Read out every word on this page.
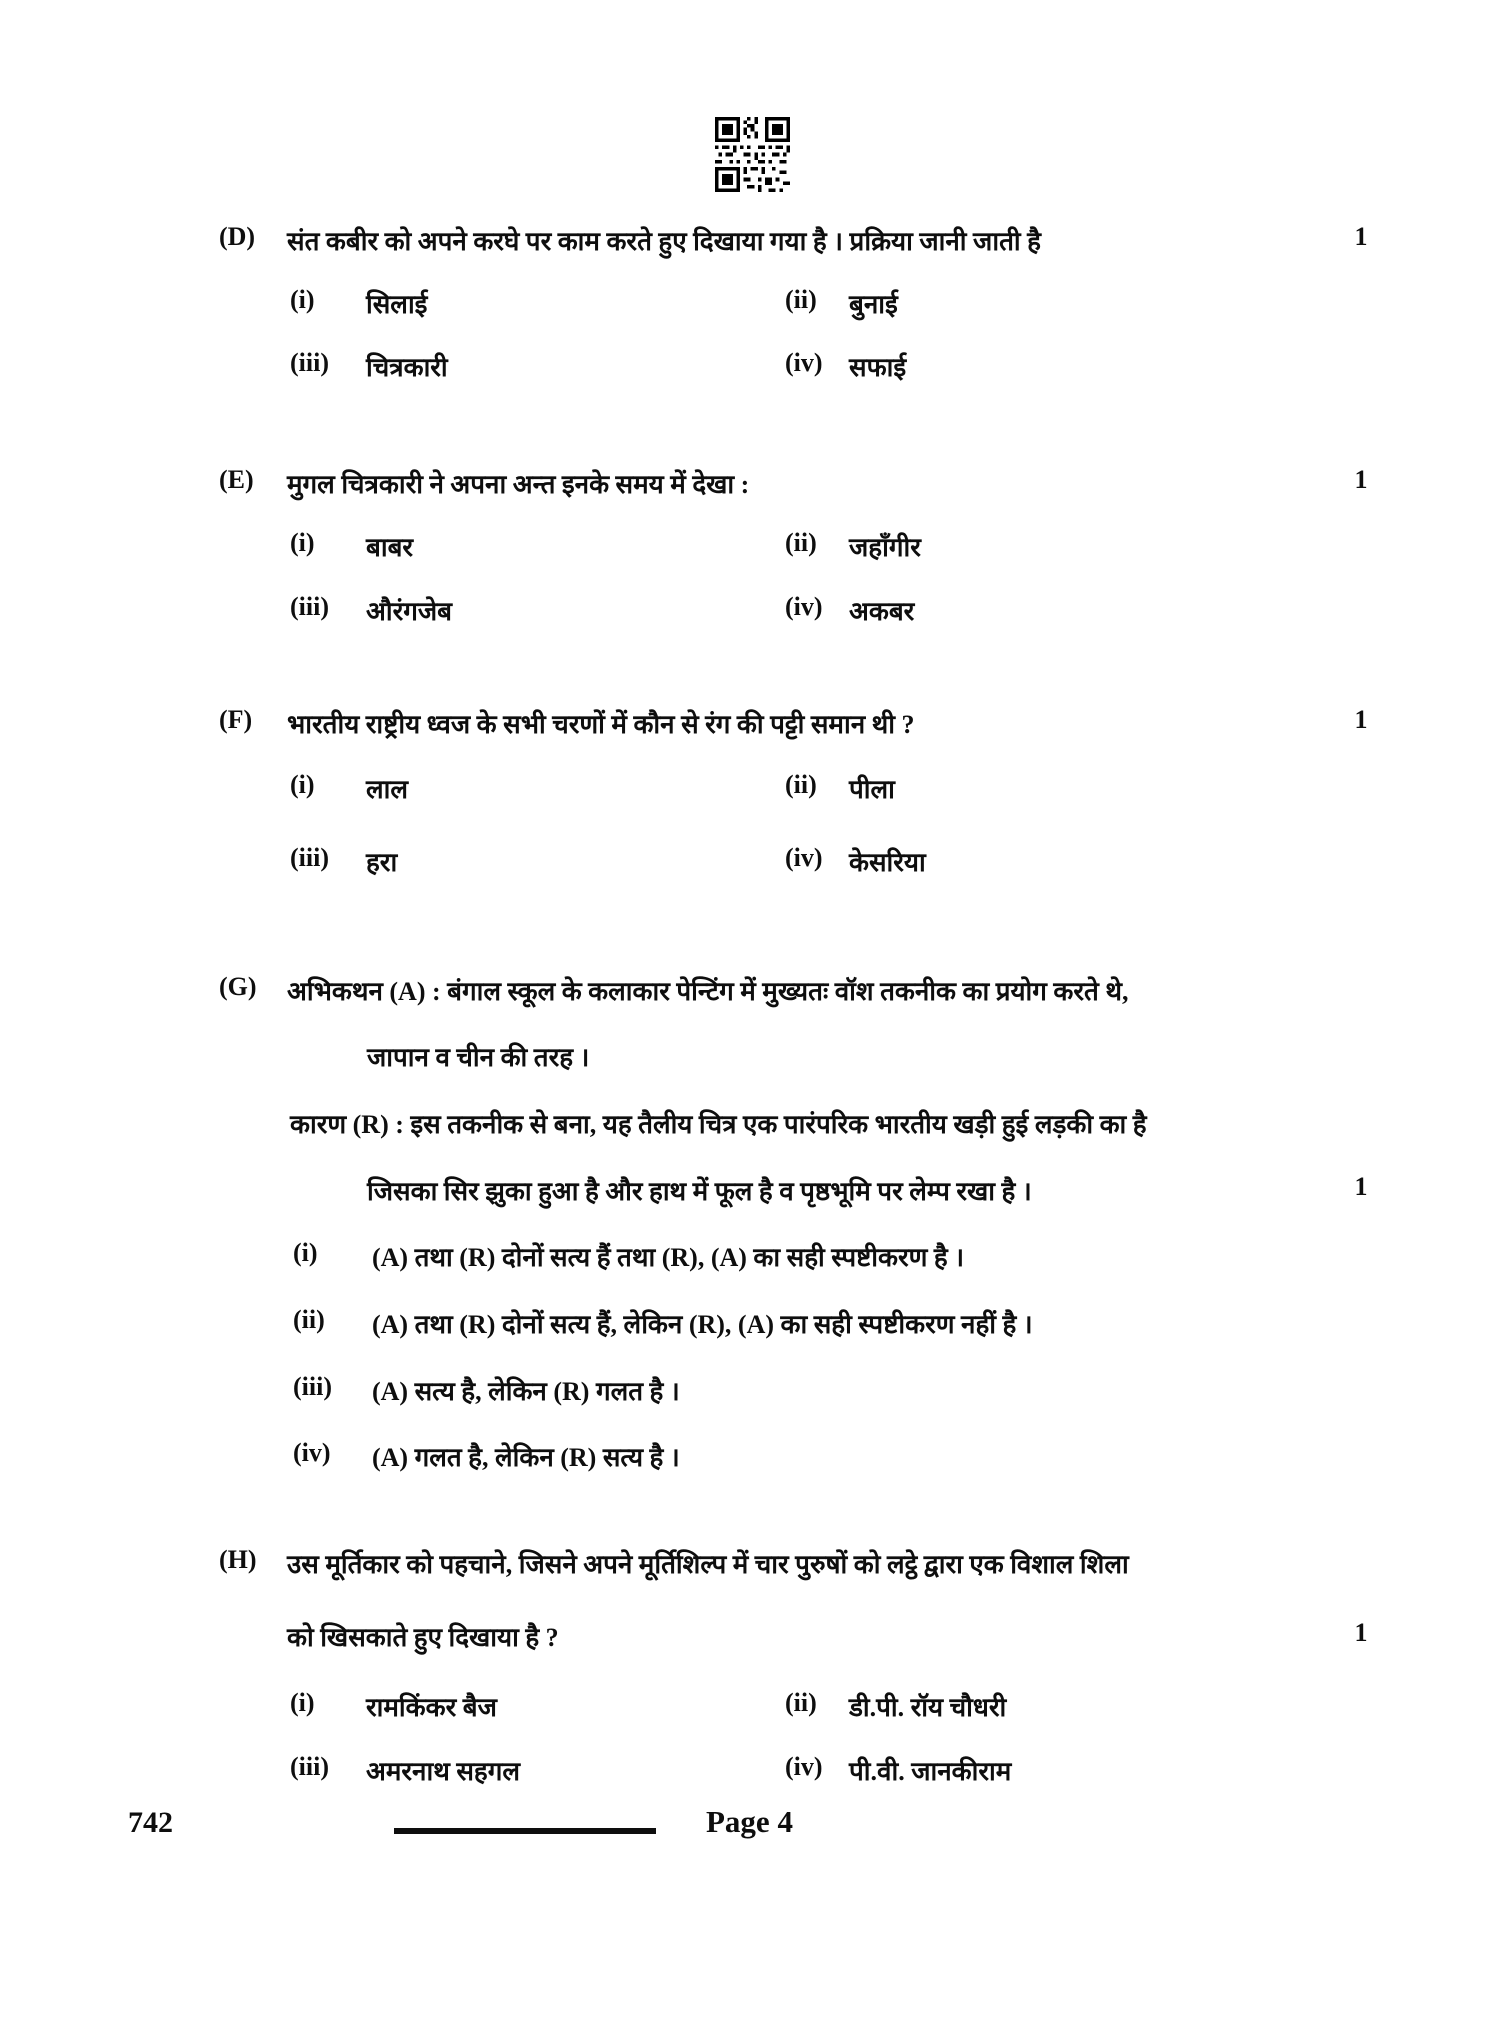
(D) संत कबीर को अपने करघे पर काम करते हुए दिखाया गया है । प्रक्रिया जानी जाती है	1
(i) सिलाई	(ii) बुनाई
(iii) चित्रकारी	(iv) सफाई
(E) मुगल चित्रकारी ने अपना अन्त इनके समय में देखा :	1
(i) बाबर	(ii) जहाँगीर
(iii) औरंगजेब	(iv) अकबर
(F) भारतीय राष्ट्रीय ध्वज के सभी चरणों में कौन से रंग की पट्टी समान थी ?	1
(i) लाल	(ii) पीला
(iii) हरा	(iv) केसरिया
(G) अभिकथन (A) : बंगाल स्कूल के कलाकार पेन्टिंग में मुख्यतः वॉश तकनीक का प्रयोग करते थे,
जापान व चीन की तरह ।
कारण (R) : इस तकनीक से बना, यह तैलीय चित्र एक पारंपरिक भारतीय खड़ी हुई लड़की का है
जिसका सिर झुका हुआ है और हाथ में फूल है व पृष्ठभूमि पर लेम्प रखा है ।	1
(i) (A) तथा (R) दोनों सत्य हैं तथा (R), (A) का सही स्पष्टीकरण है ।
(ii) (A) तथा (R) दोनों सत्य हैं, लेकिन (R), (A) का सही स्पष्टीकरण नहीं है ।
(iii) (A) सत्य है, लेकिन (R) गलत है ।
(iv) (A) गलत है, लेकिन (R) सत्य है ।
(H) उस मूर्तिकार को पहचाने, जिसने अपने मूर्तिशिल्प में चार पुरुषों को लट्ठे द्वारा एक विशाल शिला
को खिसकाते हुए दिखाया है ?	1
(i) रामकिंकर बैज	(ii) डी.पी. रॉय चौधरी
(iii) अमरनाथ सहगल	(iv) पी.वी. जानकीराम
742	Page 4
